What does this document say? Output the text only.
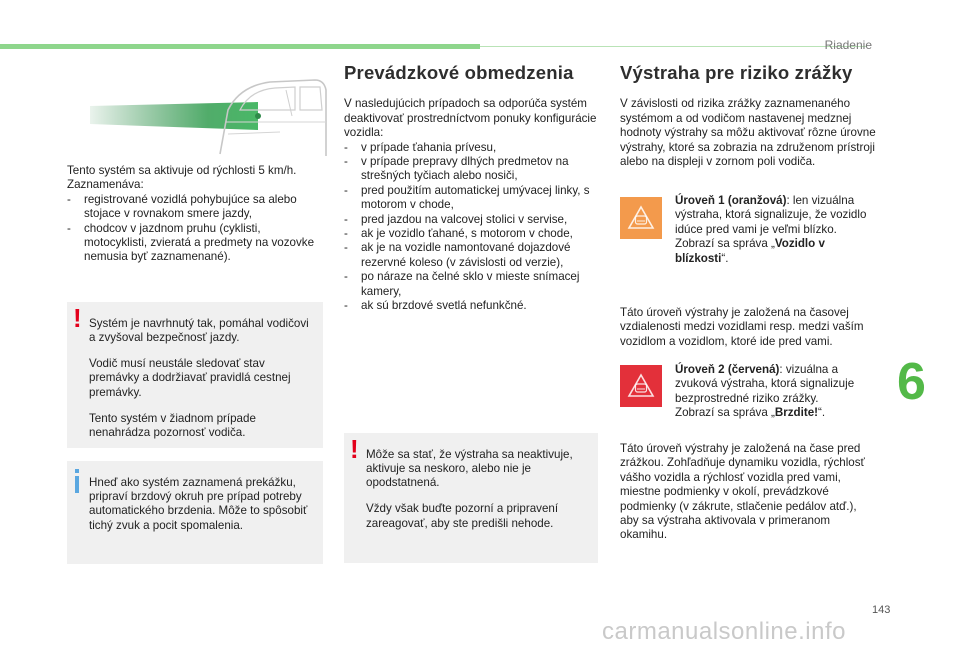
Riadenie

Tento systém sa aktivuje od rýchlosti 5 km/h.

Zaznamenáva:

- registrované vozidlá pohybujúce sa alebo stojace v rovnakom smere jazdy,
- chodcov v jazdnom pruhu (cyklisti, motocyklisti, zvieratá a predmety na vozovke nemusia byť zaznamenané).
! Systém je navrhnutý tak, pomáhal vodičovi a zvyšoval bezpečnosť jazdy.

Vodič musí neustále sledovať stav premávky a dodržiavať pravidlá cestnej premávky.

Tento systém v žiadnom prípade nenahrádza pozornosť vodiča.

Hneď ako systém zaznamená prekážku, pripraví brzdový okruh pre prípad potreby automatického brzdenia. Môže to spôsobiť tichý zvuk a pocit spomalenia.

Prevádzkové obmedzenia

V nasledujúcich prípadoch sa odporúča systém deaktivovať prostredníctvom ponuky konfigurácie vozidla:

- v prípade ťahania prívesu,
- v prípade prepravy dlhých predmetov na strešných tyčiach alebo nosiči,
- pred použitím automatickej umývacej linky, s motorom v chode,
- pred jazdou na valcovej stolici v servise,
- ak je vozidlo ťahané, s motorom v chode,
- ak je na vozidle namontované dojazdové rezervné koleso (v závislosti od verzie),
- po náraze na čelné sklo v mieste snímacej kamery,
- ak sú brzdové svetlá nefunkčné.
! Môže sa stať, že výstraha sa neaktivuje, aktivuje sa neskoro, alebo nie je opodstatnená.

Vždy však buďte pozorní a pripravení zareagovať, aby ste predišli nehode.

Výstraha pre riziko zrážky

V závislosti od rizika zrážky zaznamenaného systémom a od vodičom nastavenej medznej hodnoty výstrahy sa môžu aktivovať rôzne úrovne výstrahy, ktoré sa zobrazia na združenom prístroji alebo na displeji v zornom poli vodiča.

Úroveň 1 (oranžová): len vizuálna výstraha, ktorá signalizuje, že vozidlo idúce pred vami je veľmi blízko.

Zobrazí sa správa „Vozidlo v blízkosti“.

Táto úroveň výstrahy je založená na časovej vzdialenosti medzi vozidlami resp. medzi vaším vozidlom a vozidlom, ktoré ide pred vami.

Úroveň 2 (červená): vizuálna a zvuková výstraha, ktorá signalizuje bezprostredné riziko zrážky.

Zobrazí sa správa „Brzdite!“.

Táto úroveň výstrahy je založená na čase pred zrážkou. Zohľadňuje dynamiku vozidla, rýchlosť vášho vozidla a rýchlosť vozidla pred vami, miestne podmienky v okolí, prevádzkové podmienky (v zákrute, stlačenie pedálov atď.), aby sa výstraha aktivovala v primeranom okamihu.

6
143
carmanualsonline.info
